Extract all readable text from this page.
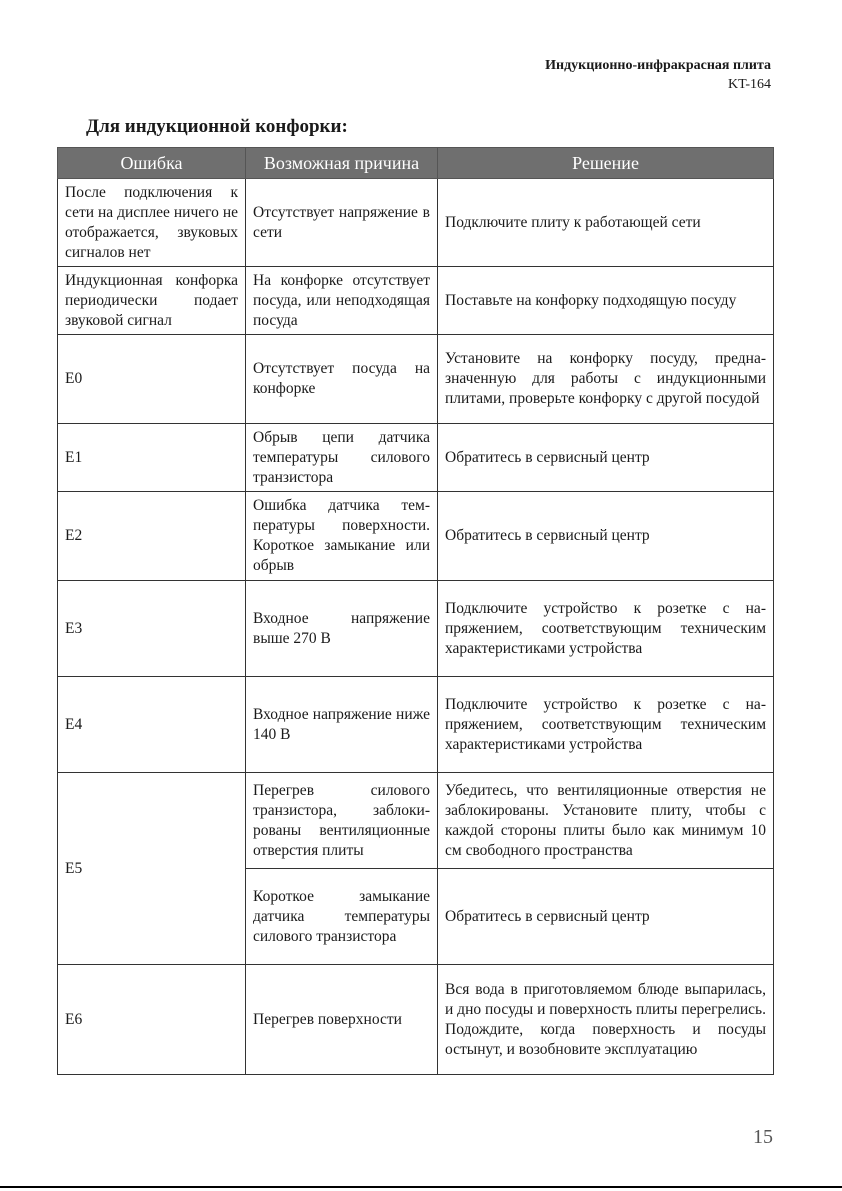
Индукционно-инфракрасная плита
KT-164
Для индукционной конфорки:
Ошибка	Возможная причина	Решение
После подключения к сети на дисплее ничего не отображается, звуковых сигналов нет	Отсутствует напряжение в сети	Подключите плиту к работающей сети
Индукционная конфорка периодически подает звуковой сигнал	На конфорке отсутствует посуда, или неподходящая посуда	Поставьте на конфорку подходящую посуду
E0	Отсутствует посуда на конфорке	Установите на конфорку посуду, предназначенную для работы с индукционными плитами, проверьте конфорку с другой посудой
E1	Обрыв цепи датчика температуры силового транзистора	Обратитесь в сервисный центр
E2	Ошибка датчика температуры поверхности. Короткое замыкание или обрыв	Обратитесь в сервисный центр
E3	Входное напряжение выше 270 В	Подключите устройство к розетке с напряжением, соответствующим техническим характеристиками устройства
E4	Входное напряжение ниже 140 В	Подключите устройство к розетке с напряжением, соответствующим техническим характеристиками устройства
E5	Перегрев силового транзистора, заблокированы вентиляционные отверстия плиты	Убедитесь, что вентиляционные отверстия не заблокированы. Установите плиту, чтобы с каждой стороны плиты было как минимум 10 см свободного пространства
	Короткое замыкание датчика температуры силового транзистора	Обратитесь в сервисный центр
E6	Перегрев поверхности	Вся вода в приготовляемом блюде выпарилась, и дно посуды и поверхность плиты перегрелись. Подождите, когда поверхность и посуды остынут, и возобновите эксплуатацию
15
